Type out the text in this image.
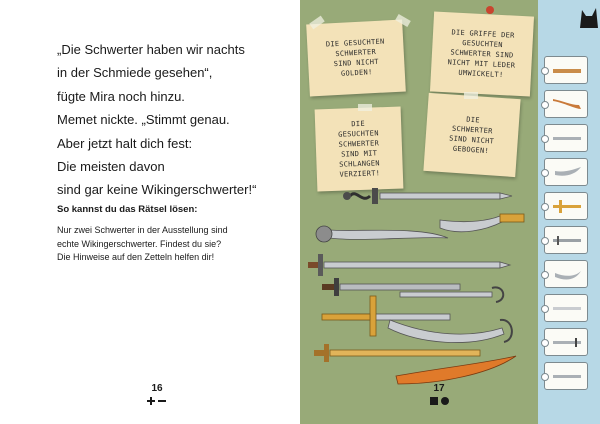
„Die Schwerter haben wir nachts
in der Schmiede gesehen“,
fügte Mira noch hinzu.
Memet nickte. „Stimmt genau.
Aber jetzt halt dich fest:
Die meisten davon
sind gar keine Wikingerschwerter!“
So kannst du das Rätsel lösen:
Nur zwei Schwerter in der Ausstellung sind
echte Wikingerschwerter. Findest du sie?
Die Hinweise auf den Zetteln helfen dir!
16
DIE GESUCHTEN
SCHWERTER
SIND NICHT
GOLDEN!
DIE GRIFFE DER
GESUCHTEN
SCHWERTER SIND
NICHT MIT LEDER
UMWICKELT!
DIE
GESUCHTEN
SCHWERTER
SIND MIT
SCHLANGEN
VERZIERT!
DIE
SCHWERTER
SIND NICHT
GEBOGEN!
17
